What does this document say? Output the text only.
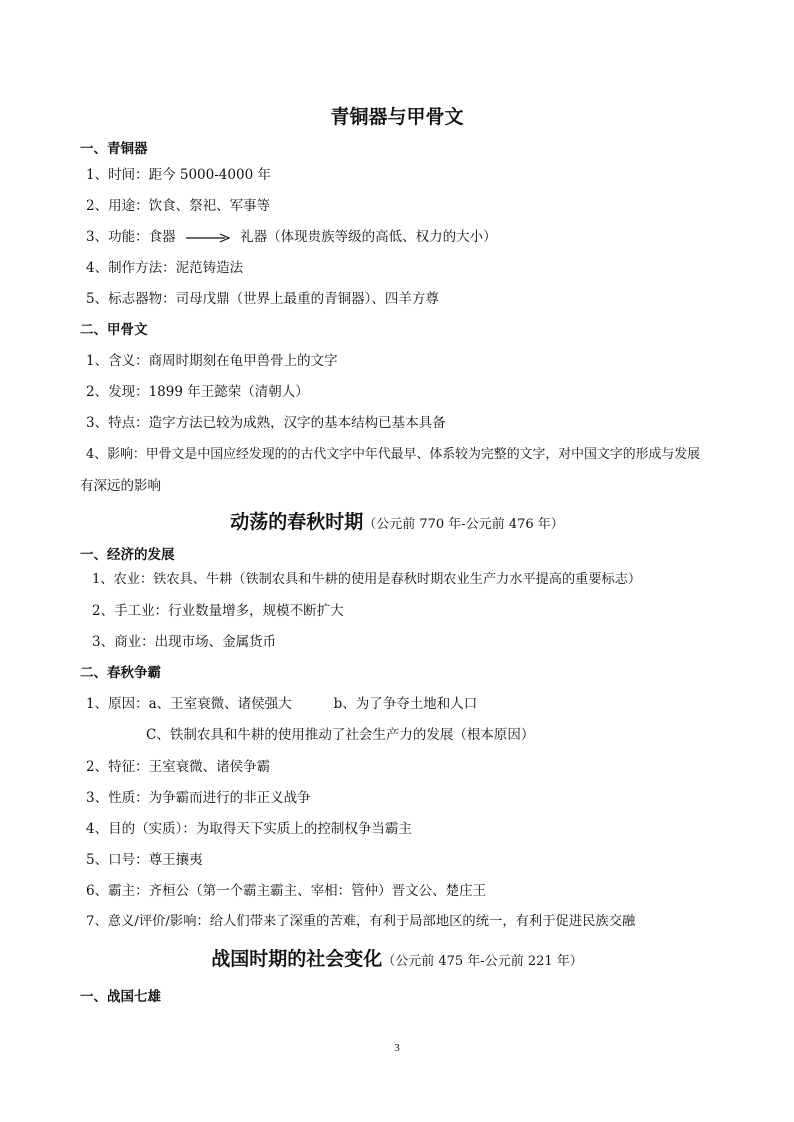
青铜器与甲骨文
一、青铜器
1、时间：距今 5000-4000 年
2、用途：饮食、祭祀、军事等
3、功能：食器	礼器（体现贵族等级的高低、权力的大小）
4、制作方法：泥范铸造法
5、标志器物：司母戊鼎（世界上最重的青铜器）、四羊方尊
二、甲骨文
1、含义：商周时期刻在龟甲兽骨上的文字
2、发现：1899 年王懿荣（清朝人）
3、特点：造字方法已较为成熟，汉字的基本结构已基本具备
4、影响：甲骨文是中国应经发现的的古代文字中年代最早、体系较为完整的文字，对中国文字的形成与发展
有深远的影响
动荡的春秋时期（公元前 770 年-公元前 476 年）
一、经济的发展
1、农业：铁农具、牛耕（铁制农具和牛耕的使用是春秋时期农业生产力水平提高的重要标志）
2、手工业：行业数量增多，规模不断扩大
3、商业：出现市场、金属货币
二、春秋争霸
1、原因：a、王室衰微、诸侯强大	b、为了争夺土地和人口
C、铁制农具和牛耕的使用推动了社会生产力的发展（根本原因）
2、特征：王室衰微、诸侯争霸
3、性质：为争霸而进行的非正义战争
4、目的（实质）：为取得天下实质上的控制权争当霸主
5、口号：尊王攘夷
6、霸主：齐桓公（第一个霸主霸主、宰相：管仲）晋文公、楚庄王
7、意义/评价/影响：给人们带来了深重的苦难，有利于局部地区的统一，有利于促进民族交融
战国时期的社会变化（公元前 475 年-公元前 221 年）
一、战国七雄
3
